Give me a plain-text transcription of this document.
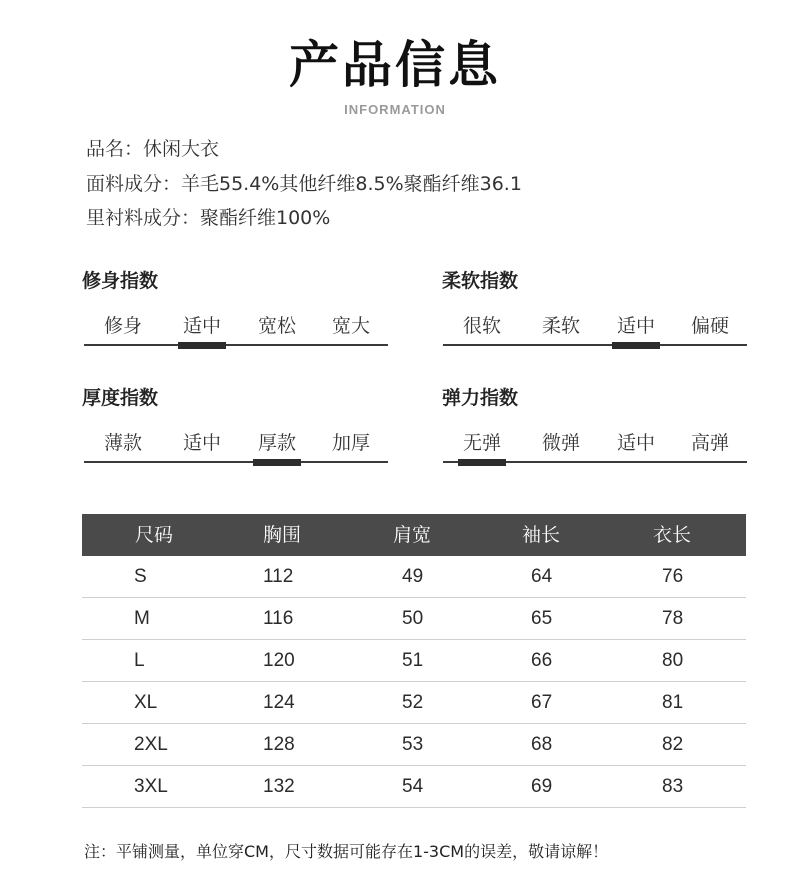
产品信息
INFORMATION
品名：休闲大衣
面料成分：羊毛55.4%其他纤维8.5%聚酯纤维36.1
里衬料成分：聚酯纤维100%
修身指数
修身 适中 宽松 宽大
柔软指数
很软 柔软 适中 偏硬
厚度指数
薄款 适中 厚款 加厚
弹力指数
无弹 微弹 适中 高弹
尺码	胸围	肩宽	袖长	衣长
S	112	49	64	76
M	116	50	65	78
L	120	51	66	80
XL	124	52	67	81
2XL	128	53	68	82
3XL	132	54	69	83
注：平铺测量，单位穿CM，尺寸数据可能存在1-3CM的误差，敬请谅解！
